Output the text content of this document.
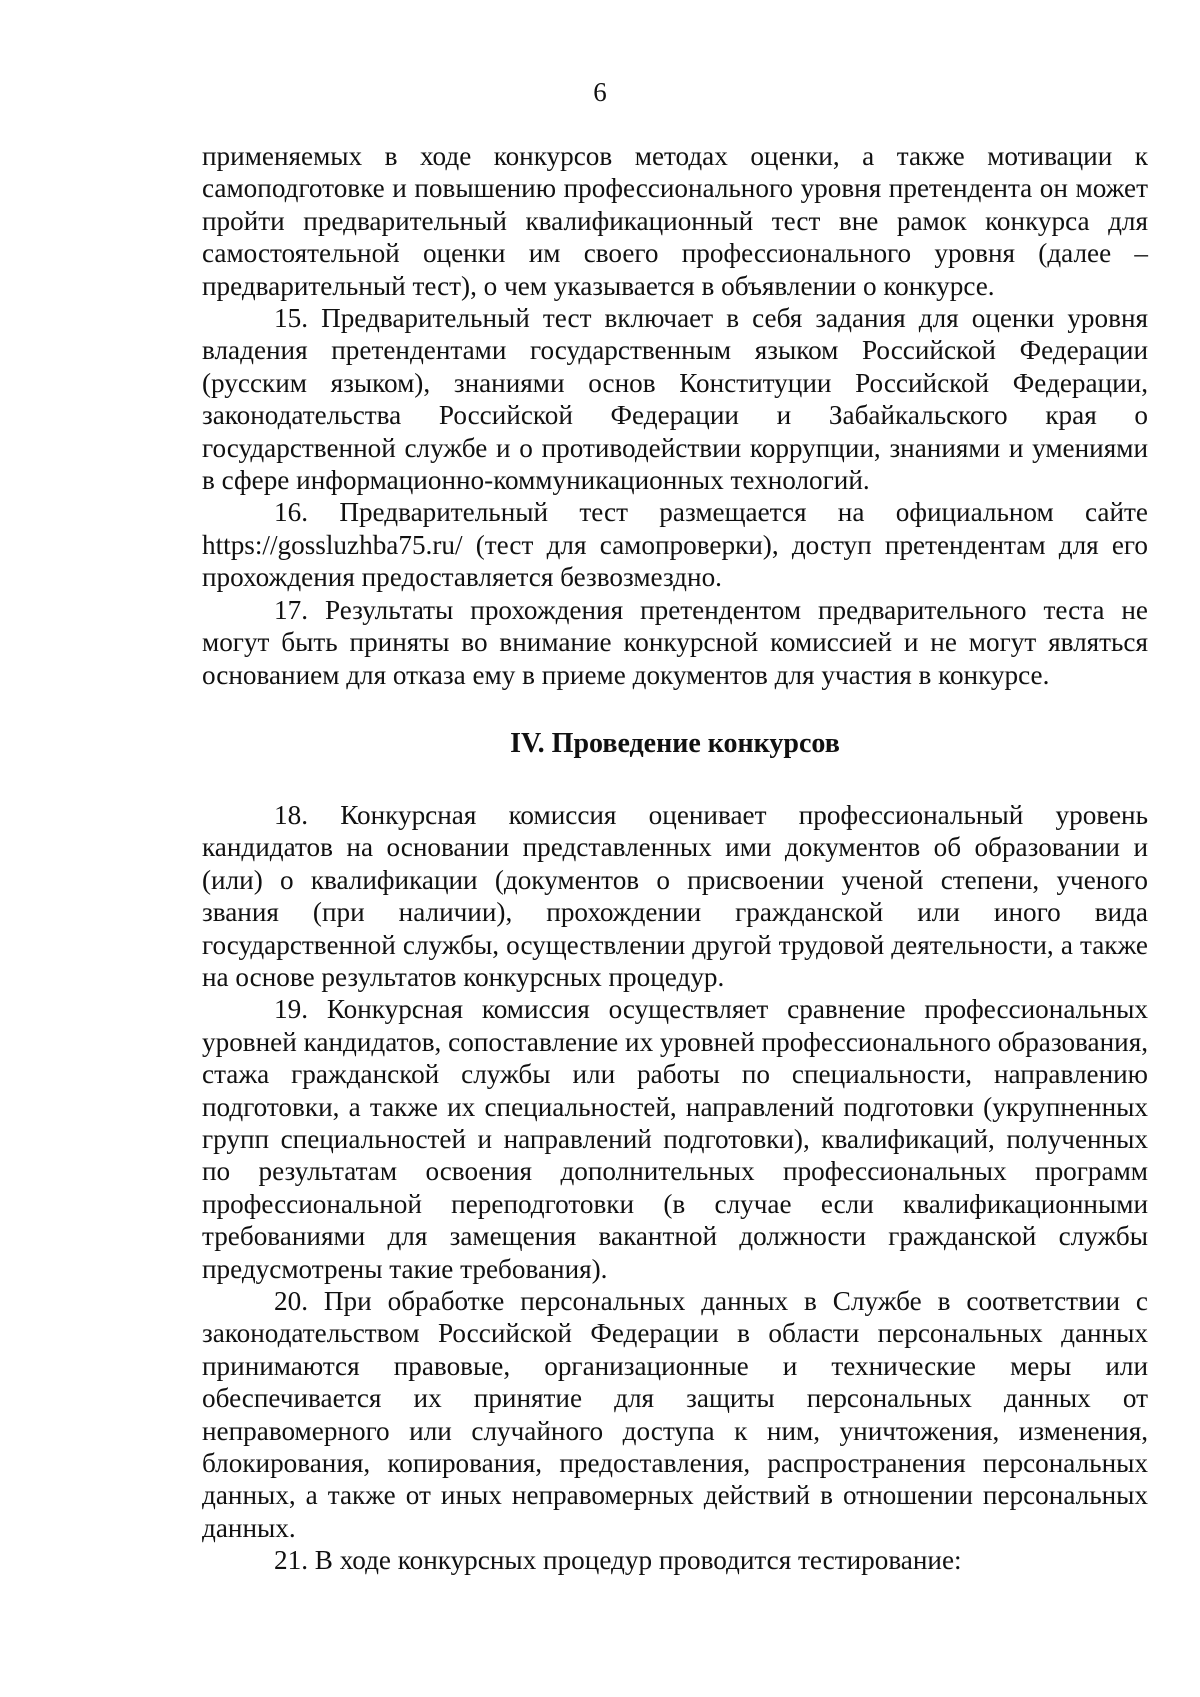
6

применяемых в ходе конкурсов методах оценки, а также мотивации к самоподготовке и повышению профессионального уровня претендента он может пройти предварительный квалификационный тест вне рамок конкурса для самостоятельной оценки им своего профессионального уровня (далее – предварительный тест), о чем указывается в объявлении о конкурсе.

15. Предварительный тест включает в себя задания для оценки уровня владения претендентами государственным языком Российской Федерации (русским языком), знаниями основ Конституции Российской Федерации, законодательства Российской Федерации и Забайкальского края о государственной службе и о противодействии коррупции, знаниями и умениями в сфере информационно-коммуникационных технологий.

16. Предварительный тест размещается на официальном сайте https://gossluzhba75.ru/ (тест для самопроверки), доступ претендентам для его прохождения предоставляется безвозмездно.

17. Результаты прохождения претендентом предварительного теста не могут быть приняты во внимание конкурсной комиссией и не могут являться основанием для отказа ему в приеме документов для участия в конкурсе.

IV. Проведение конкурсов

18. Конкурсная комиссия оценивает профессиональный уровень кандидатов на основании представленных ими документов об образовании и (или) о квалификации (документов о присвоении ученой степени, ученого звания (при наличии), прохождении гражданской или иного вида государственной службы, осуществлении другой трудовой деятельности, а также на основе результатов конкурсных процедур.

19. Конкурсная комиссия осуществляет сравнение профессиональных уровней кандидатов, сопоставление их уровней профессионального образования, стажа гражданской службы или работы по специальности, направлению подготовки, а также их специальностей, направлений подготовки (укрупненных групп специальностей и направлений подготовки), квалификаций, полученных по результатам освоения дополнительных профессиональных программ профессиональной переподготовки (в случае если квалификационными требованиями для замещения вакантной должности гражданской службы предусмотрены такие требования).

20. При обработке персональных данных в Службе в соответствии с законодательством Российской Федерации в области персональных данных принимаются правовые, организационные и технические меры или обеспечивается их принятие для защиты персональных данных от неправомерного или случайного доступа к ним, уничтожения, изменения, блокирования, копирования, предоставления, распространения персональных данных, а также от иных неправомерных действий в отношении персональных данных.

21. В ходе конкурсных процедур проводится тестирование:
